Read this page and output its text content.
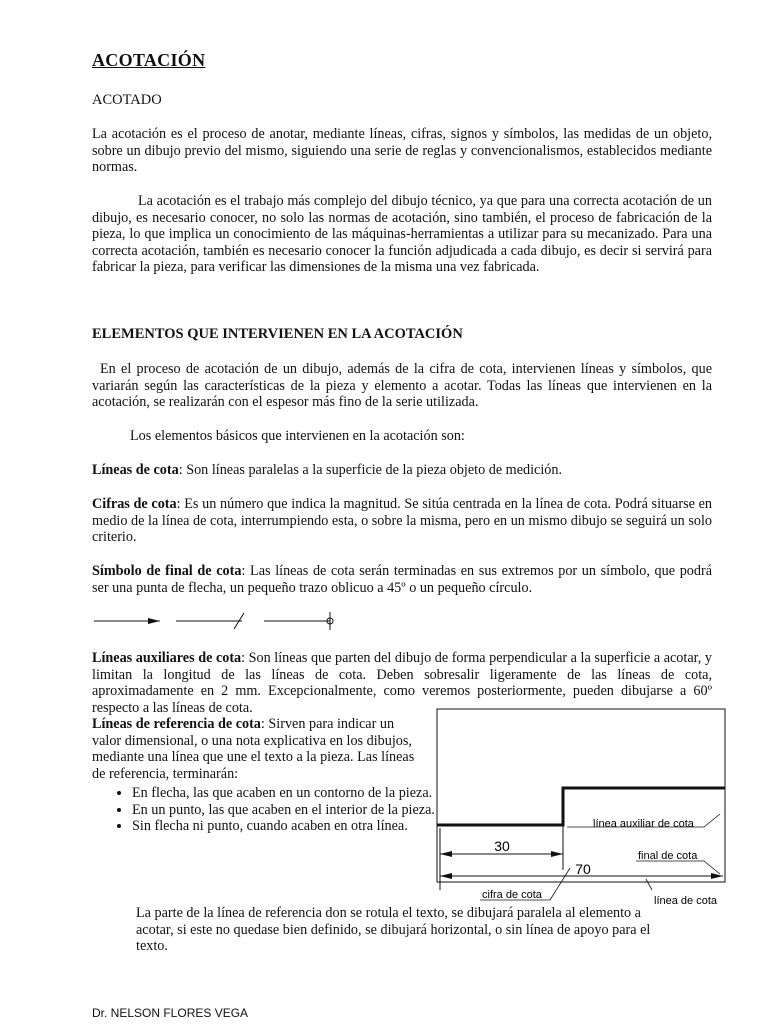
ACOTACIÓN
ACOTADO
La acotación es el proceso de anotar, mediante líneas, cifras, signos y símbolos, las medidas de un objeto, sobre un dibujo previo del mismo, siguiendo una serie de reglas y convencionalismos, establecidos mediante normas.
La acotación es el trabajo más complejo del dibujo técnico, ya que para una correcta acotación de un dibujo, es necesario conocer, no solo las normas de acotación, sino también, el proceso de fabricación de la pieza, lo que implica un conocimiento de las máquinas-herramientas a utilizar para su mecanizado. Para una correcta acotación, también es necesario conocer la función adjudicada a cada dibujo, es decir si servirá para fabricar la pieza, para verificar las dimensiones de la misma una vez fabricada.
ELEMENTOS QUE INTERVIENEN EN LA ACOTACIÓN
En el proceso de acotación de un dibujo, además de la cifra de cota, intervienen líneas y símbolos, que variarán según las características de la pieza y elemento a acotar. Todas las líneas que intervienen en la acotación, se realizarán con el espesor más fino de la serie utilizada.
Los elementos básicos que intervienen en la acotación son:
Líneas de cota: Son líneas paralelas a la superficie de la pieza objeto de medición.
Cifras de cota: Es un número que indica la magnitud. Se sitúa centrada en la línea de cota. Podrá situarse en medio de la línea de cota, interrumpiendo esta, o sobre la misma, pero en un mismo dibujo se seguirá un solo criterio.
Símbolo de final de cota: Las líneas de cota serán terminadas en sus extremos por un símbolo, que podrá ser una punta de flecha, un pequeño trazo oblicuo a 45º o un pequeño círculo.
Líneas auxiliares de cota: Son líneas que parten del dibujo de forma perpendicular a la superficie a acotar, y limitan la longitud de las líneas de cota. Deben sobresalir ligeramente de las líneas de cota, aproximadamente en 2 mm. Excepcionalmente, como veremos posteriormente, pueden dibujarse a 60º respecto a las líneas de cota.
Líneas de referencia de cota: Sirven para indicar un valor dimensional, o una nota explicativa en los dibujos, mediante una línea que une el texto a la pieza. Las líneas de referencia, terminarán:
• En flecha, las que acaben en un contorno de la pieza.
• En un punto, las que acaben en el interior de la pieza.
• Sin flecha ni punto, cuando acaben en otra línea.
La parte de la línea de referencia don se rotula el texto, se dibujará paralela al elemento a acotar, si este no quedase bien definido, se dibujará horizontal, o sin línea de apoyo para el texto.
30
70
línea auxiliar de cota
final de cota
cifra de cota	línea de cota
Dr. NELSON FLORES VEGA
